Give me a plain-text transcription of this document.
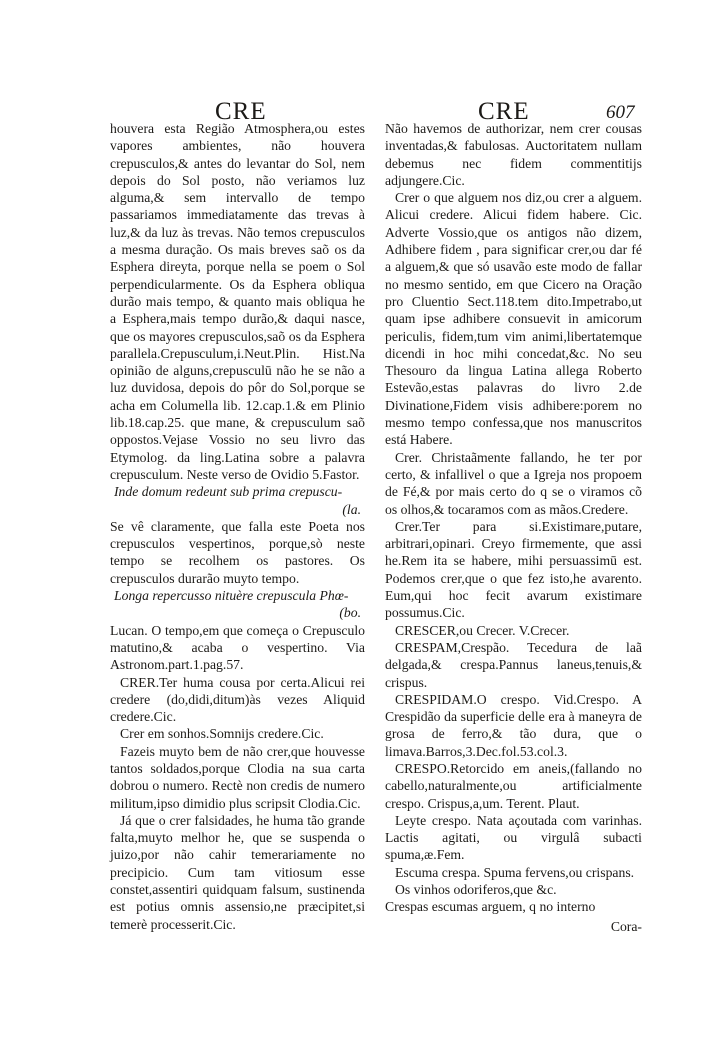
CRE	CRE	607

houvera esta Região Atmosphera,ou estes vapores ambientes, não houvera crepusculos,& antes do levantar do Sol, nem depois do Sol posto, não veriamos luz alguma,& sem intervallo de tempo passariamos immediatamente das trevas à luz,& da luz às trevas. Não temos crepusculos a mesma duração. Os mais breves saõ os da Esphera direyta, porque nella se poem o Sol perpendicularmente. Os da Esphera obliqua durão mais tempo, & quanto mais obliqua he a Esphera,mais tempo durão,& daqui nasce, que os mayores crepusculos,saõ os da Esphera parallela.Crepusculum,i.Neut.Plin. Hist.Na opinião de alguns,crepusculū não he se não a luz duvidosa, depois do pôr do Sol,porque se acha em Columella lib. 12.cap.1.& em Plinio lib.18.cap.25. que mane, & crepusculum saõ oppostos.Vejase Vossio no seu livro das Etymolog. da ling.Latina sobre a palavra crepusculum. Neste verso de Ovidio 5.Fastor.

Inde domum redeunt sub prima crepuscu-

(la.

Se vê claramente, que falla este Poeta nos crepusculos vespertinos, porque,sò neste tempo se recolhem os pastores. Os crepusculos durarão muyto tempo.

Longa repercusso nituère crepuscula Phœ-

(bo.

Lucan. O tempo,em que começa o Crepusculo matutino,& acaba o vespertino. Via Astronom.part.1.pag.57.

CRER.Ter huma cousa por certa.Alicui rei credere (do,didi,ditum)às vezes Aliquid credere.Cic.

Crer em sonhos.Somnijs credere.Cic.

Fazeis muyto bem de não crer,que houvesse tantos soldados,porque Clodia na sua carta dobrou o numero. Rectè non credis de numero militum,ipso dimidio plus scripsit Clodia.Cic.

Já que o crer falsidades, he huma tão grande falta,muyto melhor he, que se suspenda o juizo,por não cahir temerariamente no precipicio. Cum tam vitiosum esse constet,assentiri quidquam falsum, sustinenda est potius omnis assensio,ne præcipitet,si temerè processerit.Cic.

Não havemos de authorizar, nem crer cousas inventadas,& fabulosas. Auctoritatem nullam debemus nec fidem commentitijs adjungere.Cic.

Crer o que alguem nos diz,ou crer a alguem. Alicui credere. Alicui fidem habere. Cic. Adverte Vossio,que os antigos não dizem, Adhibere fidem , para significar crer,ou dar fé a alguem,& que só usavão este modo de fallar no mesmo sentido, em que Cicero na Oração pro Cluentio Sect.118.tem dito.Impetrabo,ut quam ipse adhibere consuevit in amicorum periculis, fidem,tum vim animi,libertatemque dicendi in hoc mihi concedat,&c. No seu Thesouro da lingua Latina allega Roberto Estevão,estas palavras do livro 2.de Divinatione,Fidem visis adhibere:porem no mesmo tempo confessa,que nos manuscritos está Habere.

Crer. Christaãmente fallando, he ter por certo, & infallivel o que a Igreja nos propoem de Fé,& por mais certo do q se o viramos cõ os olhos,& tocaramos com as mãos.Credere.

Crer.Ter para si.Existimare,putare, arbitrari,opinari. Creyo firmemente, que assi he.Rem ita se habere, mihi persuassimū est. Podemos crer,que o que fez isto,he avarento. Eum,qui hoc fecit avarum existimare possumus.Cic.

CRESCER,ou Crecer. V.Crecer.

CRESPAM,Crespão. Tecedura de laã delgada,& crespa.Pannus laneus,tenuis,& crispus.

CRESPIDAM.O crespo. Vid.Crespo. A Crespidão da superficie delle era à maneyra de grosa de ferro,& tão dura, que o limava.Barros,3.Dec.fol.53.col.3.

CRESPO.Retorcido em aneis,(fallando no cabello,naturalmente,ou artificialmente crespo. Crispus,a,um. Terent. Plaut.

Leyte crespo. Nata açoutada com varinhas. Lactis agitati, ou virgulâ subacti spuma,æ.Fem.

Escuma crespa. Spuma fervens,ou crispans.

Os vinhos odoriferos,que &c.

Crespas escumas arguem, q no interno

Cora-
